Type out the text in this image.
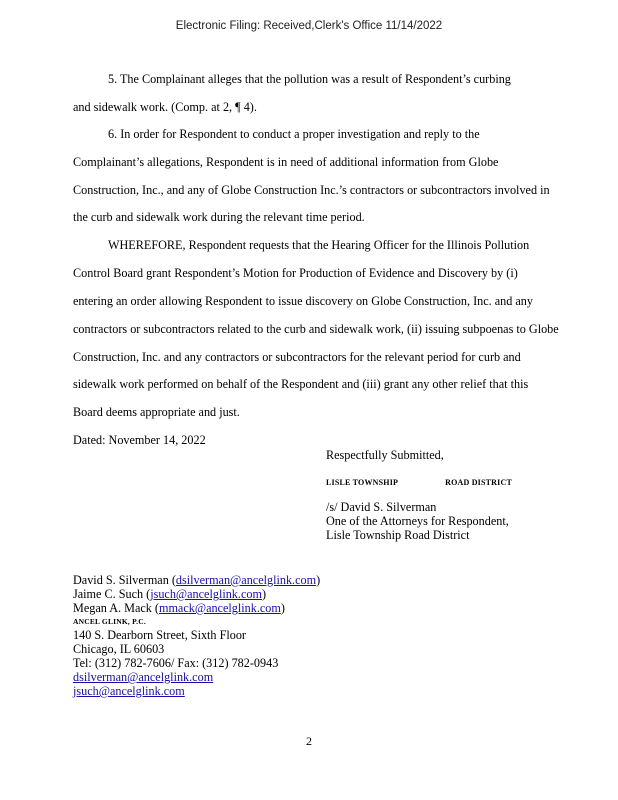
Electronic Filing: Received,Clerk's Office 11/14/2022
5. The Complainant alleges that the pollution was a result of Respondent’s curbing
and sidewalk work. (Comp. at 2, ¶ 4).
6. In order for Respondent to conduct a proper investigation and reply to the
Complainant’s allegations, Respondent is in need of additional information from Globe
Construction, Inc., and any of Globe Construction Inc.’s contractors or subcontractors involved in
the curb and sidewalk work during the relevant time period.
WHEREFORE, Respondent requests that the Hearing Officer for the Illinois Pollution
Control Board grant Respondent’s Motion for Production of Evidence and Discovery by (i)
entering an order allowing Respondent to issue discovery on Globe Construction, Inc. and any
contractors or subcontractors related to the curb and sidewalk work, (ii) issuing subpoenas to Globe
Construction, Inc. and any contractors or subcontractors for the relevant period for curb and
sidewalk work performed on behalf of the Respondent and (iii) grant any other relief that this
Board deems appropriate and just.
Dated: November 14, 2022
Respectfully Submitted,
LISLE TOWNSHIP	ROAD DISTRICT
/s/ David S. Silverman
One of the Attorneys for Respondent,
Lisle Township Road District
David S. Silverman (dsilverman@ancelglink.com)
Jaime C. Such (jsuch@ancelglink.com)
Megan A. Mack (mmack@ancelglink.com)
ANCEL GLINK, P.C.
140 S. Dearborn Street, Sixth Floor
Chicago, IL 60603
Tel: (312) 782-7606/ Fax: (312) 782-0943
dsilverman@ancelglink.com
jsuch@ancelglink.com
2
